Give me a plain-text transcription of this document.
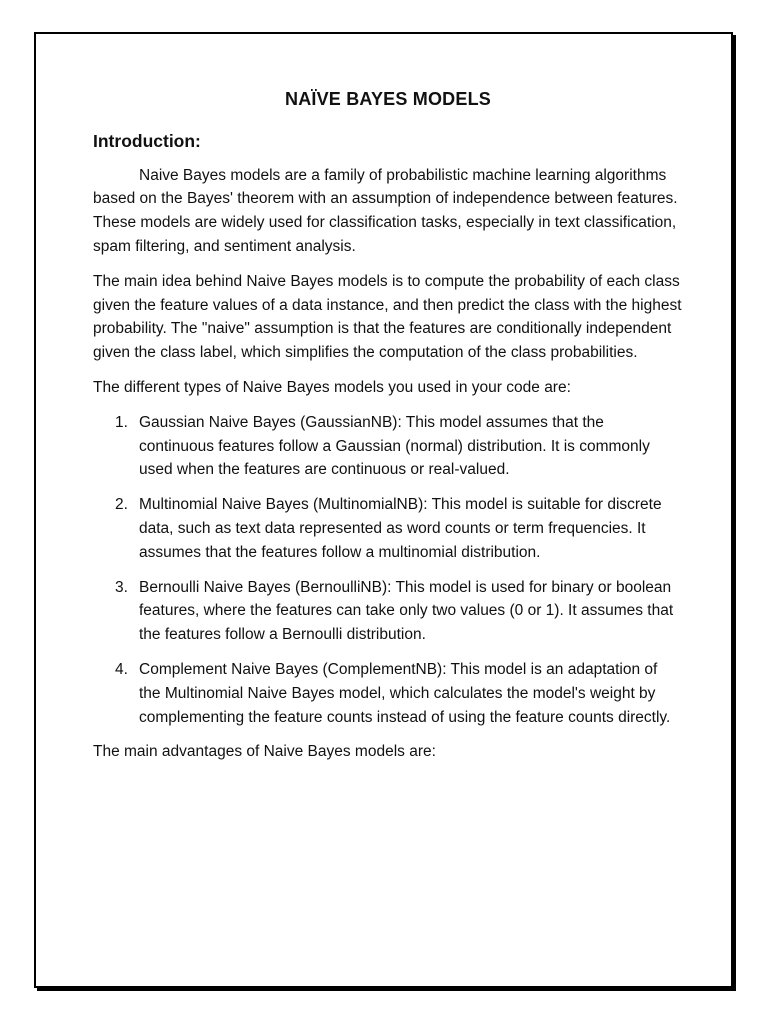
NAÏVE BAYES MODELS
Introduction:

Naive Bayes models are a family of probabilistic machine learning algorithms based on the Bayes' theorem with an assumption of independence between features. These models are widely used for classification tasks, especially in text classification, spam filtering, and sentiment analysis.

The main idea behind Naive Bayes models is to compute the probability of each class given the feature values of a data instance, and then predict the class with the highest probability. The "naive" assumption is that the features are conditionally independent given the class label, which simplifies the computation of the class probabilities.

The different types of Naive Bayes models you used in your code are:

1. Gaussian Naive Bayes (GaussianNB): This model assumes that the continuous features follow a Gaussian (normal) distribution. It is commonly used when the features are continuous or real-valued.
2. Multinomial Naive Bayes (MultinomialNB): This model is suitable for discrete data, such as text data represented as word counts or term frequencies. It assumes that the features follow a multinomial distribution.
3. Bernoulli Naive Bayes (BernoulliNB): This model is used for binary or boolean features, where the features can take only two values (0 or 1). It assumes that the features follow a Bernoulli distribution.
4. Complement Naive Bayes (ComplementNB): This model is an adaptation of the Multinomial Naive Bayes model, which calculates the model's weight by complementing the feature counts instead of using the feature counts directly.

The main advantages of Naive Bayes models are:
